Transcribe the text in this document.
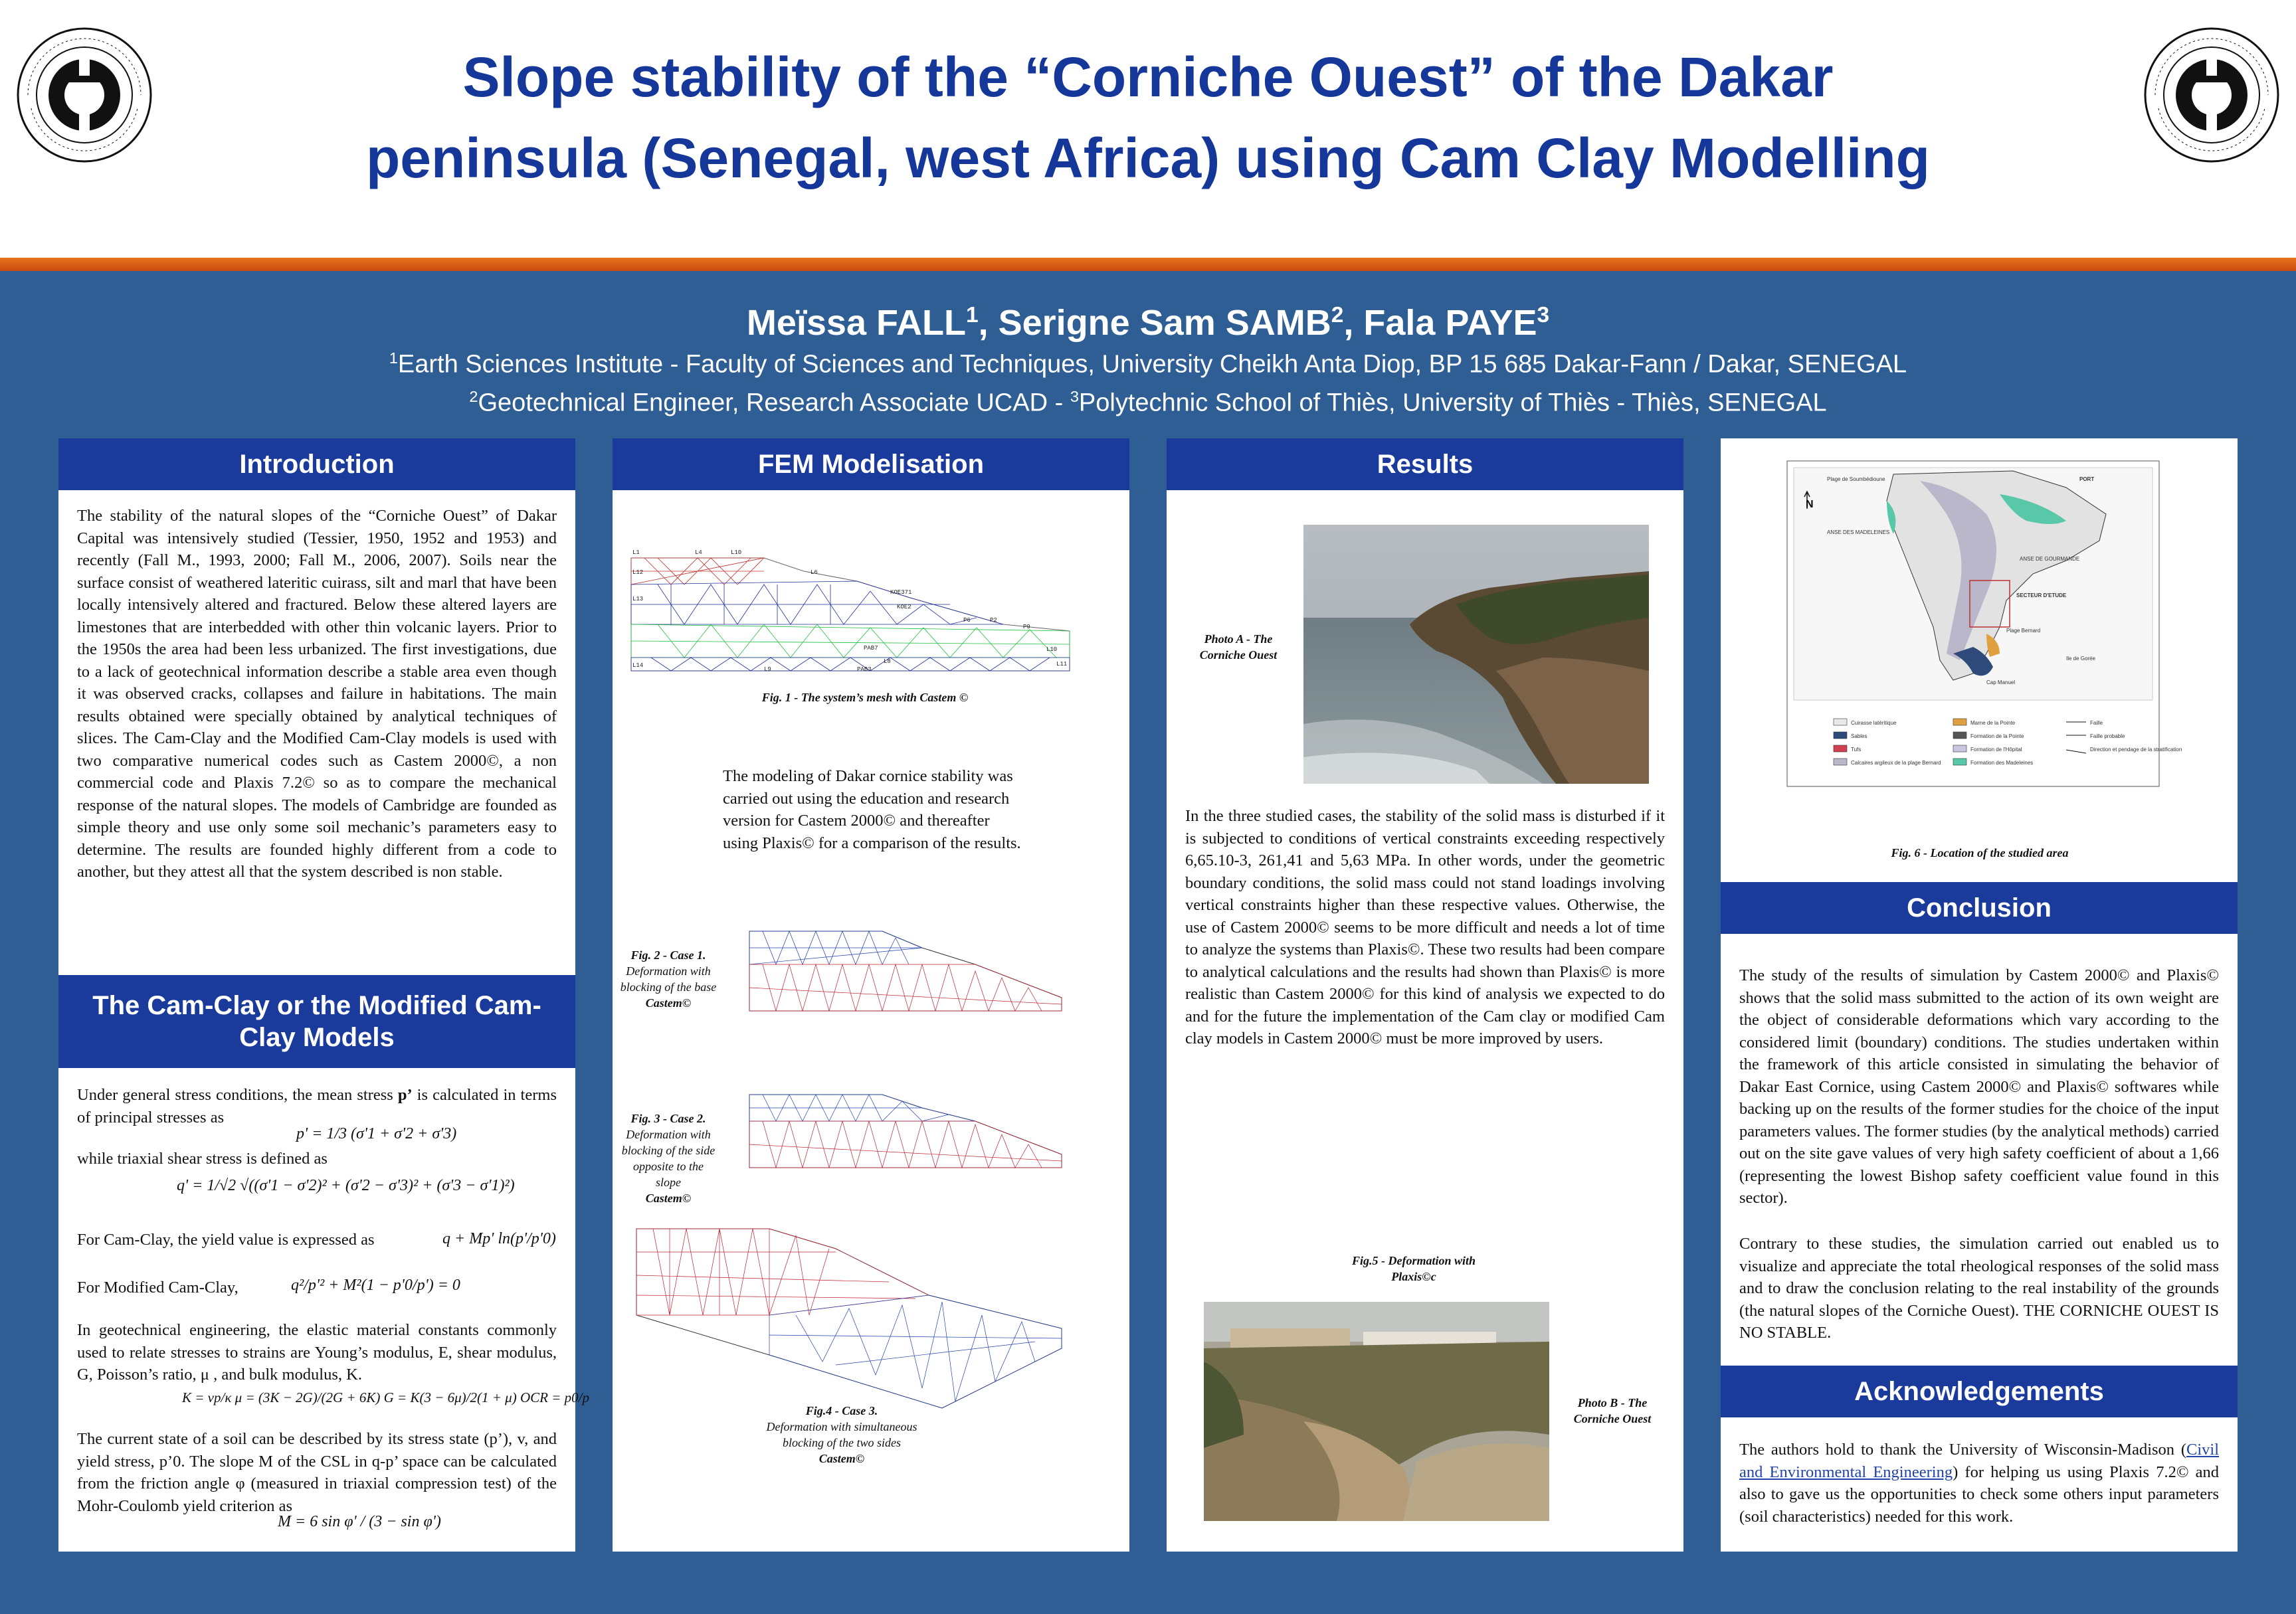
Slope stability of the “Corniche Ouest” of the Dakar
peninsula (Senegal, west Africa) using Cam Clay Modelling
Meïssa FALL$^1$, Serigne Sam SAMB$^2$, Fala PAYE$^3$
$^1$Earth Sciences Institute - Faculty of Sciences and Techniques, University Cheikh Anta Diop, BP 15 685 Dakar-Fann / Dakar, SENEGAL
$^2$Geotechnical Engineer, Research Associate UCAD - $^3$Polytechnic School of Thiès, University of Thiès - Thiès, SENEGAL
Introduction

The stability of the natural slopes of the “Corniche Ouest” of Dakar Capital was intensively studied (Tessier, 1950, 1952 and 1953) and recently (Fall M., 1993, 2000; Fall M., 2006, 2007). Soils near the surface consist of weathered lateritic cuirass, silt and marl that have been locally intensively altered and fractured. Below these altered layers are limestones that are interbedded with other thin volcanic layers. Prior to the 1950s the area had been less urbanized. The first investigations, due to a lack of geotechnical information describe a stable area even though it was observed cracks, collapses and failure in habitations. The main results obtained were specially obtained by analytical techniques of slices. The Cam-Clay and the Modified Cam-Clay models is used with two comparative numerical codes such as Castem 2000©, a non commercial code and Plaxis 7.2© so as to compare the mechanical response of the natural slopes. The models of Cambridge are founded as simple theory and use only some soil mechanic’s parameters easy to determine. The results are founded highly different from a code to another, but they attest all that the system described is non stable.

The Cam-Clay or the Modified Cam-
Clay Models

Under general stress conditions, the mean stress p’ is calculated in terms of principal stresses as

p' = 1/3 (σ'1 + σ'2 + σ'3)

while triaxial shear stress is defined as

q' = 1/√2 √((σ'1 − σ'2)² + (σ'2 − σ'3)² + (σ'3 − σ'1)²)

For Cam-Clay, the yield value is expressed as	q + Mp' ln(p'/p'0)

For Modified Cam-Clay,	q²/p'² + M²(1 − p'0/p') = 0

In geotechnical engineering, the elastic material constants commonly used to relate stresses to strains are Young’s modulus, E, shear modulus, G, Poisson’s ratio, μ , and bulk modulus, K.

K = νp/κ μ = (3K − 2G)/(2G + 6K) G = K(3 − 6μ)/2(1 + μ) OCR = p0/p

The current state of a soil can be described by its stress state (p’), v, and yield stress, p’0. The slope M of the CSL in q-p’ space can be calculated from the friction angle φ (measured in triaxial compression test) of the Mohr-Coulomb yield criterion as

M = 6 sin φ' / (3 − sin φ')
FEM Modelisation
L1	L4	L10
KOE371
KOE2
L6
P6	P2
P9
L10
L11
L12
L13
L14
PAB7
L8
PAB3
L9
Fig. 1 - The system’s mesh with Castem ©

The modeling of Dakar cornice stability was carried out using the education and research version for Castem 2000© and thereafter using Plaxis© for a comparison of the results.

Fig. 2 - Case 1.
Deformation with blocking of the base
Castem©
Fig. 3 - Case 2.
Deformation with blocking of the side opposite to the slope
Castem©
Fig.4 - Case 3.
Deformation with simultaneous blocking of the two sides
Castem©
Results
Photo A - The Corniche Ouest

In the three studied cases, the stability of the solid mass is disturbed if it is subjected to conditions of vertical constraints exceeding respectively 6,65.10-3, 261,41 and 5,63 MPa. In other words, under the geometric boundary conditions, the solid mass could not stand loadings involving vertical constraints higher than these respective values. Otherwise, the use of Castem 2000© seems to be more difficult and needs a lot of time to analyze the systems than Plaxis©. These two results had been compare to analytical calculations and the results had shown than Plaxis© is more realistic than Castem 2000© for this kind of analysis we expected to do and for the future the implementation of the Cam clay or modified Cam clay models in Castem 2000© must be more improved by users.

Fig.5 - Deformation with Plaxis©c
Photo B - The Corniche Ouest
N
Cap Manuel
ANSE DE GOURMANDE
SECTEUR D'ETUDE
Plage Bernard
Ile de Gorée
PORT
Plage de Soumbédioune
ANSE DES MADELEINES
Cuirasse latéritique
Sables
Tufs
Calcaires argileux de la plage Bernard
Marne de la Pointe
Formation de la Pointe
Formation de l'Hôpital
Formation des Madeleines
Faille
Faille probable
Direction et pendage de la stratification
Fig. 6 - Location of the studied area
Conclusion

The study of the results of simulation by Castem 2000© and Plaxis© shows that the solid mass submitted to the action of its own weight are the object of considerable deformations which vary according to the considered limit (boundary) conditions. The studies undertaken within the framework of this article consisted in simulating the behavior of Dakar East Cornice, using Castem 2000© and Plaxis© softwares while backing up on the results of the former studies for the choice of the input parameters values. The former studies (by the analytical methods) carried out on the site gave values of very high safety coefficient of about a 1,66 (representing the lowest Bishop safety coefficient value found in this sector).

Contrary to these studies, the simulation carried out enabled us to visualize and appreciate the total rheological responses of the solid mass and to draw the conclusion relating to the real instability of the grounds (the natural slopes of the Corniche Ouest). THE CORNICHE OUEST IS NO STABLE.

Acknowledgements

The authors hold to thank the University of Wisconsin-Madison (Civil and Environmental Engineering) for helping us using Plaxis 7.2© and also to gave us the opportunities to check some others input parameters (soil characteristics) needed for this work.
